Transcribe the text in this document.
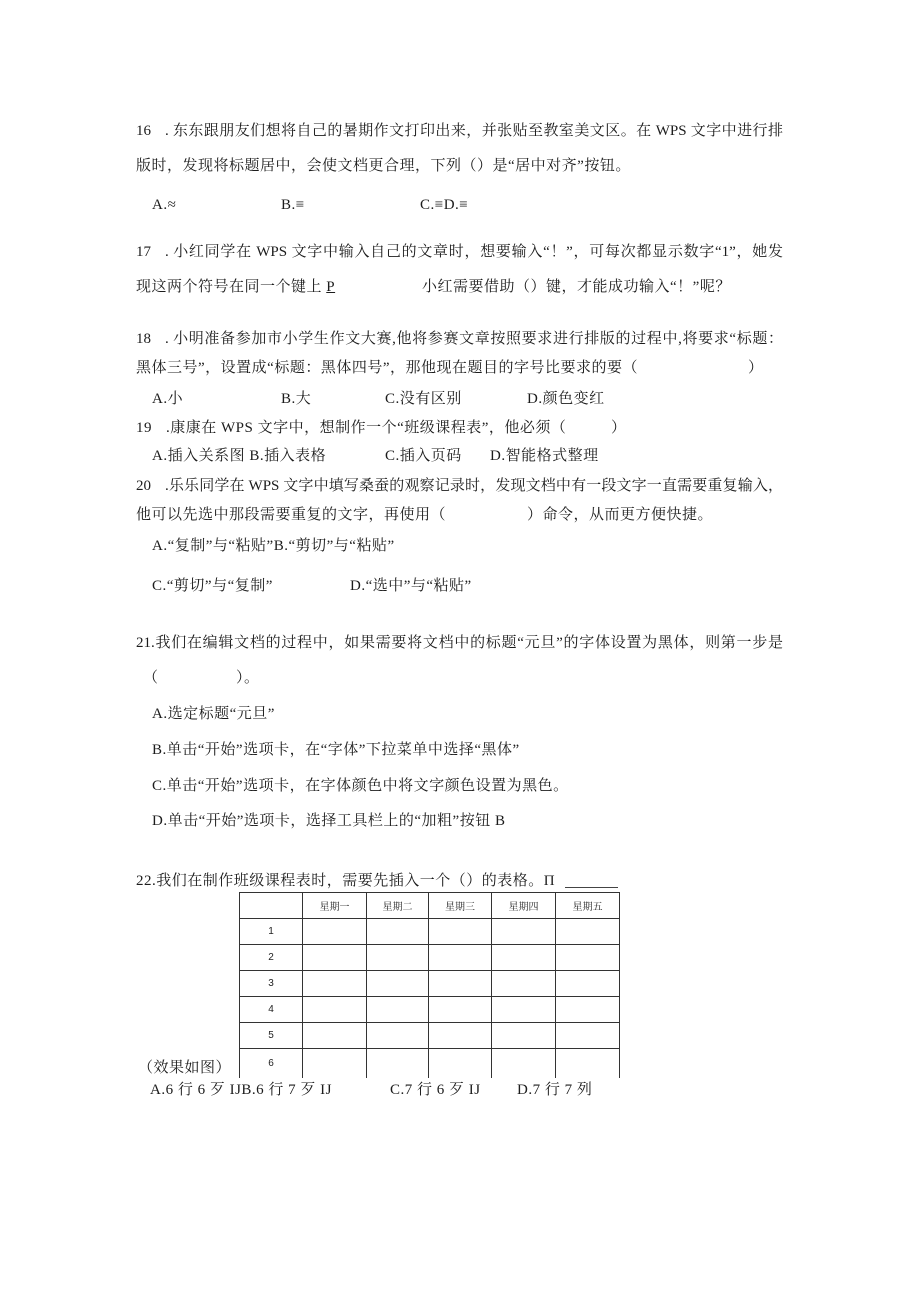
16 . 东东跟朋友们想将自己的暑期作文打印出来，并张贴至教室美文区。在 WPS 文字中进行排
版时，发现将标题居中，会使文档更合理，下列（）是“居中对齐”按钮。
A.≈	B.≡	C.≡D.≡
17 . 小红同学在 WPS 文字中输入自己的文章时，想要输入“！”，可每次都显示数字“1”，她发
现这两个符号在同一个键上 P	小红需要借助（）键，才能成功输入“！”呢？
18 . 小明准备参加市小学生作文大赛,他将参赛文章按照要求进行排版的过程中,将要求“标题：
黑体三号”，设置成“标题：黑体四号”，那他现在题目的字号比要求的要（	）
A.小	B.大	C.没有区别	D.颜色变红
19 .康康在 WPS 文字中，想制作一个“班级课程表”，他必须（	）
A.插入关系图 B.插入表格	C.插入页码 D.智能格式整理
20 .乐乐同学在 WPS 文字中填写桑蚕的观察记录时，发现文档中有一段文字一直需要重复输入，
他可以先选中那段需要重复的文字，再使用（	）命令，从而更方便快捷。
A.“复制”与“粘贴”B.“剪切”与“粘贴”
C.“剪切”与“复制”	D.“选中”与“粘贴”
21.我们在编辑文档的过程中，如果需要将文档中的标题“元旦”的字体设置为黑体，则第一步是
（	）。
A.选定标题“元旦”
B.单击“开始”选项卡，在“字体”下拉菜单中选择“黑体”
C.单击“开始”选项卡，在字体颜色中将文字颜色设置为黑色。
D.单击“开始”选项卡，选择工具栏上的“加粗”按钮 B
22.我们在制作班级课程表时，需要先插入一个（）的表格。Π
	星期一	星期二	星期三	星期四	星期五
1					
2					
3					
4					
5					
6					
（效果如图）
A.6 行 6 歹 IJB.6 行 7 歹 IJ	C.7 行 6 歹 IJ D.7 行 7 列
